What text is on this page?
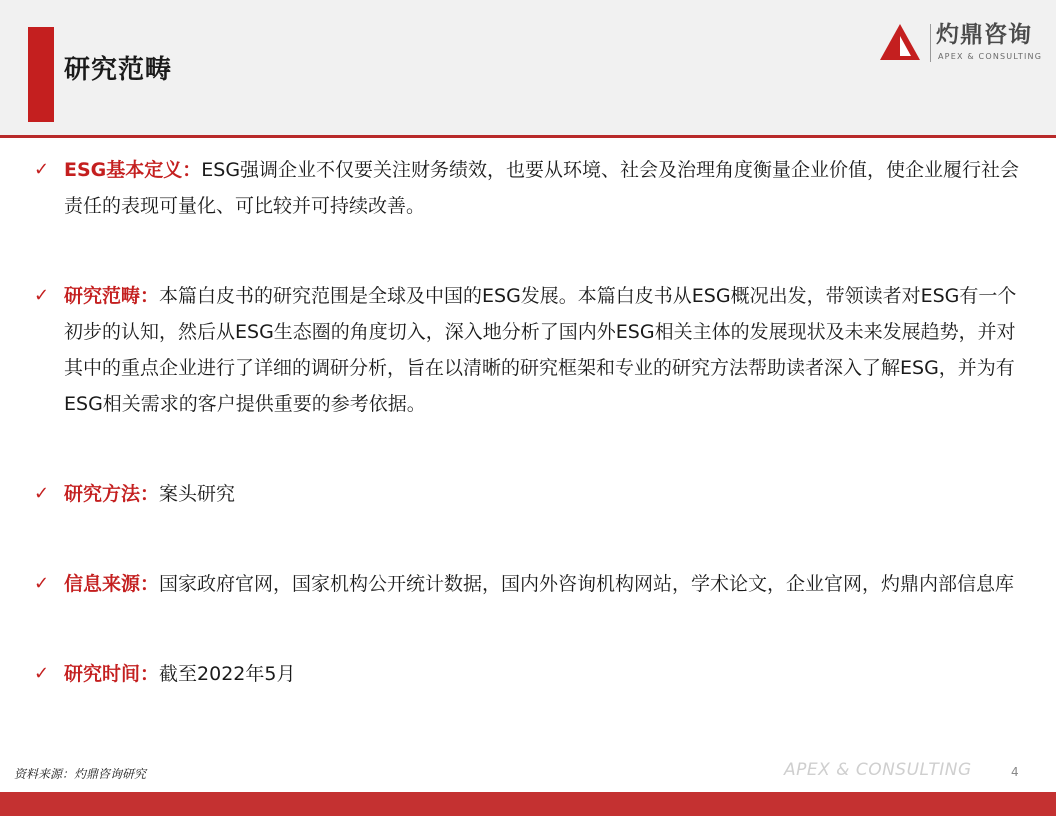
研究范畴
灼鼎咨询
APEX & CONSULTING
✓ ESG基本定义：ESG强调企业不仅要关注财务绩效，也要从环境、社会及治理角度衡量企业价值，使企业履行社会责任的表现可量化、可比较并可持续改善。
✓ 研究范畴：本篇白皮书的研究范围是全球及中国的ESG发展。本篇白皮书从ESG概况出发，带领读者对ESG有一个初步的认知，然后从ESG生态圈的角度切入，深入地分析了国内外ESG相关主体的发展现状及未来发展趋势，并对其中的重点企业进行了详细的调研分析，旨在以清晰的研究框架和专业的研究方法帮助读者深入了解ESG，并为有ESG相关需求的客户提供重要的参考依据。
✓ 研究方法：案头研究
✓ 信息来源：国家政府官网，国家机构公开统计数据，国内外咨询机构网站，学术论文，企业官网，灼鼎内部信息库
✓ 研究时间：截至2022年5月
资料来源：灼鼎咨询研究	APEX & CONSULTING	4
